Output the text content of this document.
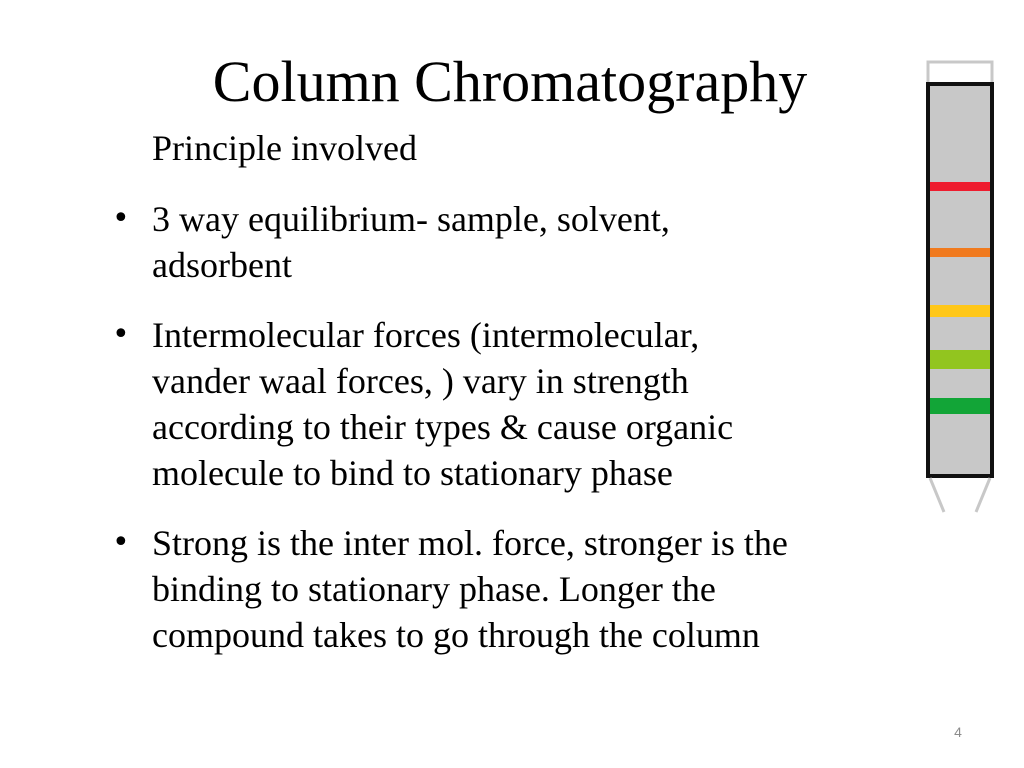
Column Chromatography
Principle involved
• 3 way equilibrium- sample, solvent,
adsorbent
• Intermolecular forces (intermolecular,
vander waal forces, ) vary in strength
according to their types & cause organic
molecule to bind to stationary phase
• Strong is the inter mol. force, stronger is the
binding to stationary phase. Longer the
compound takes to go through the column
4
